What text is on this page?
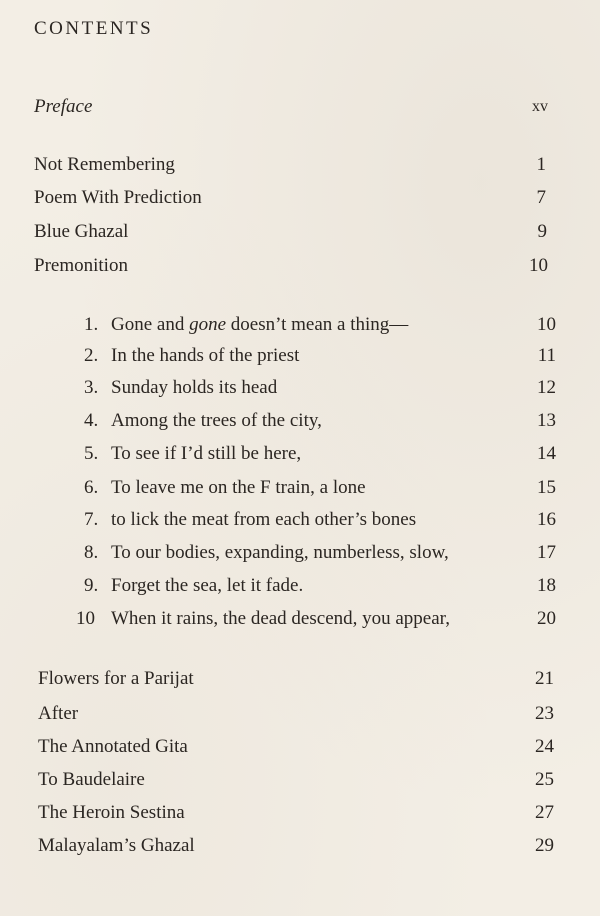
CONTENTS
Preface	xv
Not Remembering	1
Poem With Prediction	7
Blue Ghazal	9
Premonition	10
1. Gone and gone doesn’t mean a thing—	10
2. In the hands of the priest	11
3. Sunday holds its head	12
4. Among the trees of the city,	13
5. To see if I’d still be here,	14
6. To leave me on the F train, a lone	15
7. to lick the meat from each other’s bones	16
8. To our bodies, expanding, numberless, slow,	17
9. Forget the sea, let it fade.	18
10 When it rains, the dead descend, you appear,	20
Flowers for a Parijat	21
After	23
The Annotated Gita	24
To Baudelaire	25
The Heroin Sestina	27
Malayalam’s Ghazal	29
